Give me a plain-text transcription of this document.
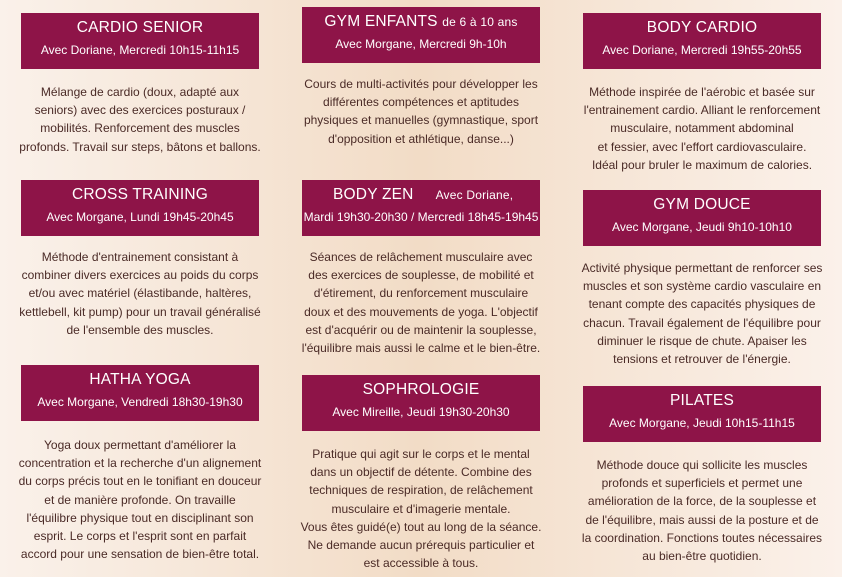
CARDIO SENIOR
Avec Doriane, Mercredi 10h15-11h15
Mélange de cardio (doux, adapté aux
seniors) avec des exercices posturaux /
mobilités. Renforcement des muscles
profonds. Travail sur steps, bâtons et ballons.
CROSS TRAINING
Avec Morgane, Lundi 19h45-20h45
Méthode d'entrainement consistant à
combiner divers exercices au poids du corps
et/ou avec matériel (élastibande, haltères,
kettlebell, kit pump) pour un travail généralisé
de l'ensemble des muscles.
HATHA YOGA
Avec Morgane, Vendredi 18h30-19h30
Yoga doux permettant d'améliorer la
concentration et la recherche d'un alignement
du corps précis tout en le tonifiant en douceur
et de manière profonde. On travaille
l'équilibre physique tout en disciplinant son
esprit. Le corps et l'esprit sont en parfait
accord pour une sensation de bien-être total.
GYM ENFANTS de 6 à 10 ans
Avec Morgane, Mercredi 9h-10h
Cours de multi-activités pour développer les
différentes compétences et aptitudes
physiques et manuelles (gymnastique, sport
d'opposition et athlétique, danse...)
BODY ZEN Avec Doriane,
Mardi 19h30-20h30 / Mercredi 18h45-19h45
Séances de relâchement musculaire avec
des exercices de souplesse, de mobilité et
d'étirement, du renforcement musculaire
doux et des mouvements de yoga. L'objectif
est d'acquérir ou de maintenir la souplesse,
l'équilibre mais aussi le calme et le bien-être.
SOPHROLOGIE
Avec Mireille, Jeudi 19h30-20h30
Pratique qui agit sur le corps et le mental
dans un objectif de détente. Combine des
techniques de respiration, de relâchement
musculaire et d'imagerie mentale.
Vous êtes guidé(e) tout au long de la séance.
Ne demande aucun prérequis particulier et
est accessible à tous.
BODY CARDIO
Avec Doriane, Mercredi 19h55-20h55
Méthode inspirée de l'aérobic et basée sur
l'entrainement cardio. Alliant le renforcement
musculaire, notamment abdominal
et fessier, avec l'effort cardiovasculaire.
Idéal pour bruler le maximum de calories.
GYM DOUCE
Avec Morgane, Jeudi 9h10-10h10
Activité physique permettant de renforcer ses
muscles et son système cardio vasculaire en
tenant compte des capacités physiques de
chacun. Travail également de l'équilibre pour
diminuer le risque de chute. Apaiser les
tensions et retrouver de l'énergie.
PILATES
Avec Morgane, Jeudi 10h15-11h15
Méthode douce qui sollicite les muscles
profonds et superficiels et permet une
amélioration de la force, de la souplesse et
de l'équilibre, mais aussi de la posture et de
la coordination. Fonctions toutes nécessaires
au bien-être quotidien.
